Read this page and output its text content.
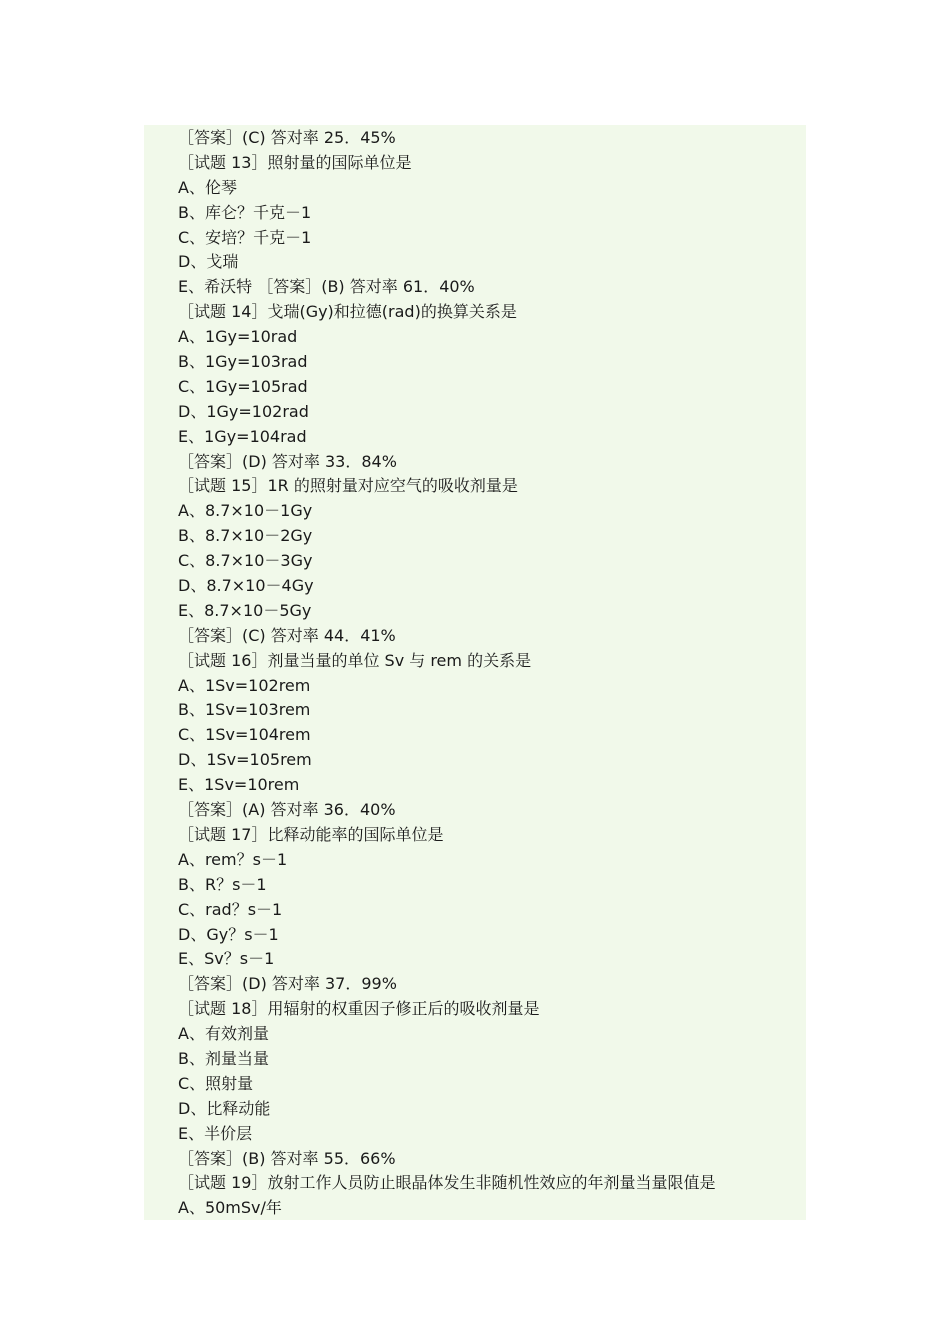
［答案］(C) 答对率 25．45%
［试题 13］照射量的国际单位是
A、伦琴
B、库仑？千克－1
C、安培？千克－1
D、戈瑞
E、希沃特 ［答案］(B) 答对率 61．40%
［试题 14］戈瑞(Gy)和拉德(rad)的换算关系是
A、1Gy=10rad
B、1Gy=103rad
C、1Gy=105rad
D、1Gy=102rad
E、1Gy=104rad
［答案］(D) 答对率 33．84%
［试题 15］1R 的照射量对应空气的吸收剂量是
A、8.7×10－1Gy
B、8.7×10－2Gy
C、8.7×10－3Gy
D、8.7×10－4Gy
E、8.7×10－5Gy
［答案］(C) 答对率 44．41%
［试题 16］剂量当量的单位 Sv 与 rem 的关系是
A、1Sv=102rem
B、1Sv=103rem
C、1Sv=104rem
D、1Sv=105rem
E、1Sv=10rem
［答案］(A) 答对率 36．40%
［试题 17］比释动能率的国际单位是
A、rem？s－1
B、R？s－1
C、rad？s－1
D、Gy？s－1
E、Sv？s－1
［答案］(D) 答对率 37．99%
［试题 18］用辐射的权重因子修正后的吸收剂量是
A、有效剂量
B、剂量当量
C、照射量
D、比释动能
E、半价层
［答案］(B) 答对率 55．66%
［试题 19］放射工作人员防止眼晶体发生非随机性效应的年剂量当量限值是
A、50mSv/年
